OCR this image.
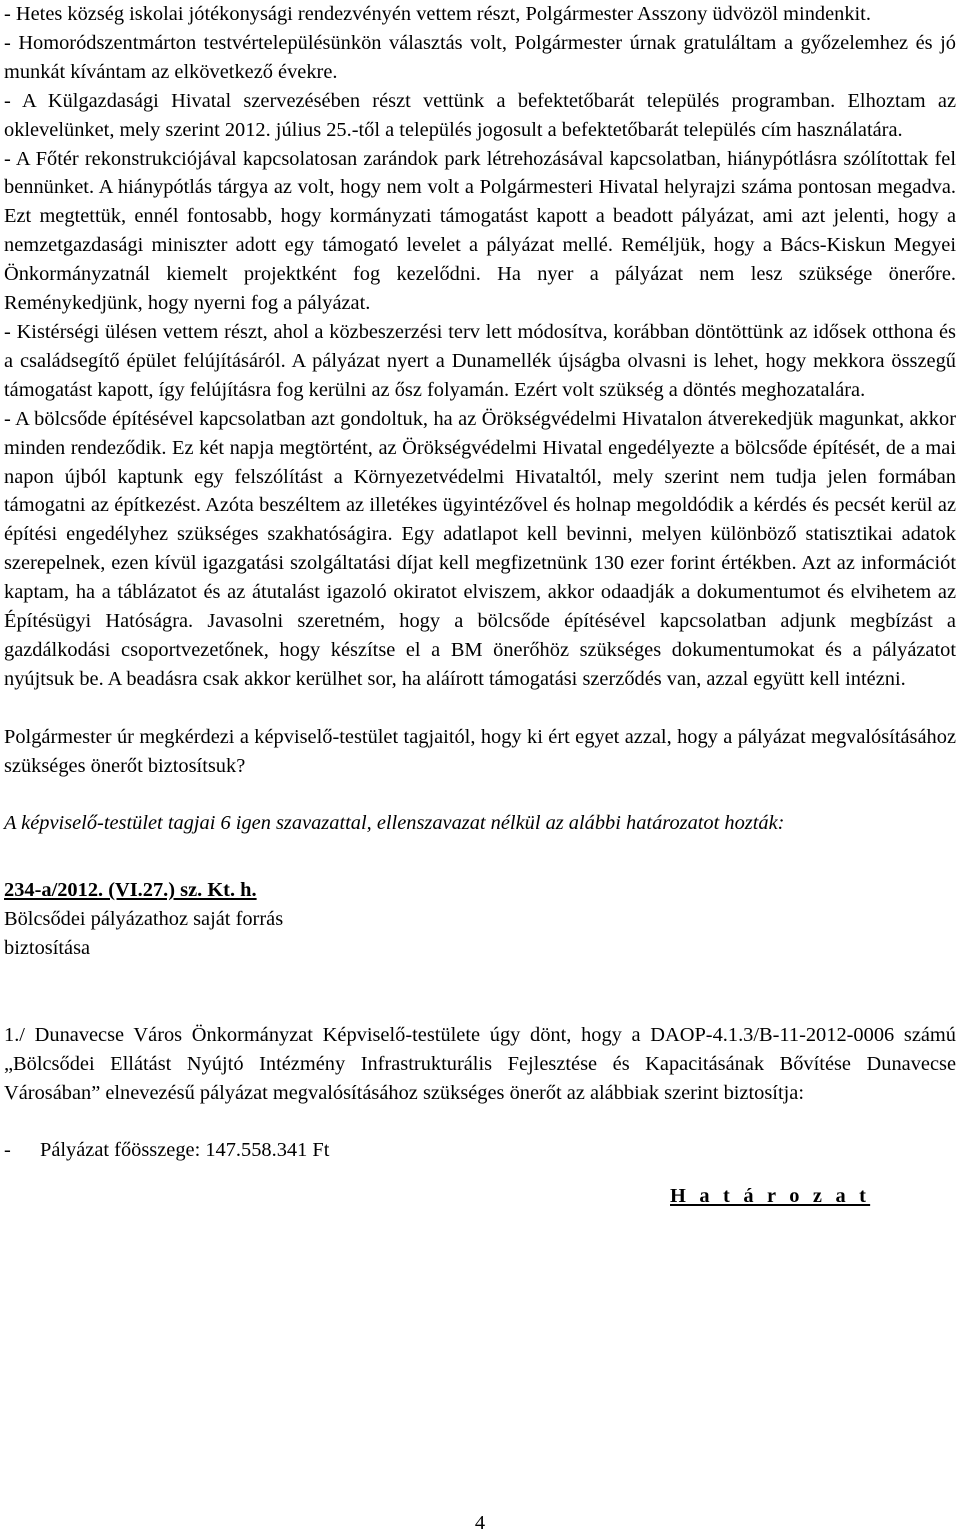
- Hetes község iskolai jótékonysági rendezvényén vettem részt, Polgármester Asszony üdvözöl mindenkit.

- Homoródszentmárton testvértelepülésünkön választás volt, Polgármester úrnak gratuláltam a győzelemhez és jó munkát kívántam az elkövetkező évekre.

- A Külgazdasági Hivatal szervezésében részt vettünk a befektetőbarát település programban. Elhoztam az oklevelünket, mely szerint 2012. július 25.-től a település jogosult a befektetőbarát település cím használatára.

- A Főtér rekonstrukciójával kapcsolatosan zarándok park létrehozásával kapcsolatban, hiánypótlásra szólítottak fel bennünket. A hiánypótlás tárgya az volt, hogy nem volt a Polgármesteri Hivatal helyrajzi száma pontosan megadva. Ezt megtettük, ennél fontosabb, hogy kormányzati támogatást kapott a beadott pályázat, ami azt jelenti, hogy a nemzetgazdasági miniszter adott egy támogató levelet a pályázat mellé. Reméljük, hogy a Bács-Kiskun Megyei Önkormányzatnál kiemelt projektként fog kezelődni. Ha nyer a pályázat nem lesz szüksége önerőre. Reménykedjünk, hogy nyerni fog a pályázat.

- Kistérségi ülésen vettem részt, ahol a közbeszerzési terv lett módosítva, korábban döntöttünk az idősek otthona és a családsegítő épület felújításáról. A pályázat nyert a Dunamellék újságba olvasni is lehet, hogy mekkora összegű támogatást kapott, így felújításra fog kerülni az ősz folyamán. Ezért volt szükség a döntés meghozatalára.

- A bölcsőde építésével kapcsolatban azt gondoltuk, ha az Örökségvédelmi Hivatalon átverekedjük magunkat, akkor minden rendeződik. Ez két napja megtörtént, az Örökségvédelmi Hivatal engedélyezte a bölcsőde építését, de a mai napon újból kaptunk egy felszólítást a Környezetvédelmi Hivataltól, mely szerint nem tudja jelen formában támogatni az építkezést. Azóta beszéltem az illetékes ügyintézővel és holnap megoldódik a kérdés és pecsét kerül az építési engedélyhez szükséges szakhatóságira. Egy adatlapot kell bevinni, melyen különböző statisztikai adatok szerepelnek, ezen kívül igazgatási szolgáltatási díjat kell megfizetnünk 130 ezer forint értékben. Azt az információt kaptam, ha a táblázatot és az átutalást igazoló okiratot elviszem, akkor odaadják a dokumentumot és elvihetem az Építésügyi Hatóságra. Javasolni szeretném, hogy a bölcsőde építésével kapcsolatban adjunk megbízást a gazdálkodási csoportvezetőnek, hogy készítse el a BM önerőhöz szükséges dokumentumokat és a pályázatot nyújtsuk be. A beadásra csak akkor kerülhet sor, ha aláírott támogatási szerződés van, azzal együtt kell intézni.

Polgármester úr megkérdezi a képviselő-testület tagjaitól, hogy ki ért egyet azzal, hogy a pályázat megvalósításához szükséges önerőt biztosítsuk?

A képviselő-testület tagjai 6 igen szavazattal, ellenszavazat nélkül az alábbi határozatot hozták:

234-a/2012. (VI.27.) sz. Kt. h.
Bölcsődei pályázathoz saját forrás
biztosítása

1./ Dunavecse Város Önkormányzat Képviselő-testülete úgy dönt, hogy a DAOP-4.1.3/B-11-2012-0006 számú „Bölcsődei Ellátást Nyújtó Intézmény Infrastrukturális Fejlesztése és Kapacitásának Bővítése Dunavecse Városában” elnevezésű pályázat megvalósításához szükséges önerőt az alábbiak szerint biztosítja:

-	Pályázat főösszege: 147.558.341 Ft
H a t á r o z a t
4
